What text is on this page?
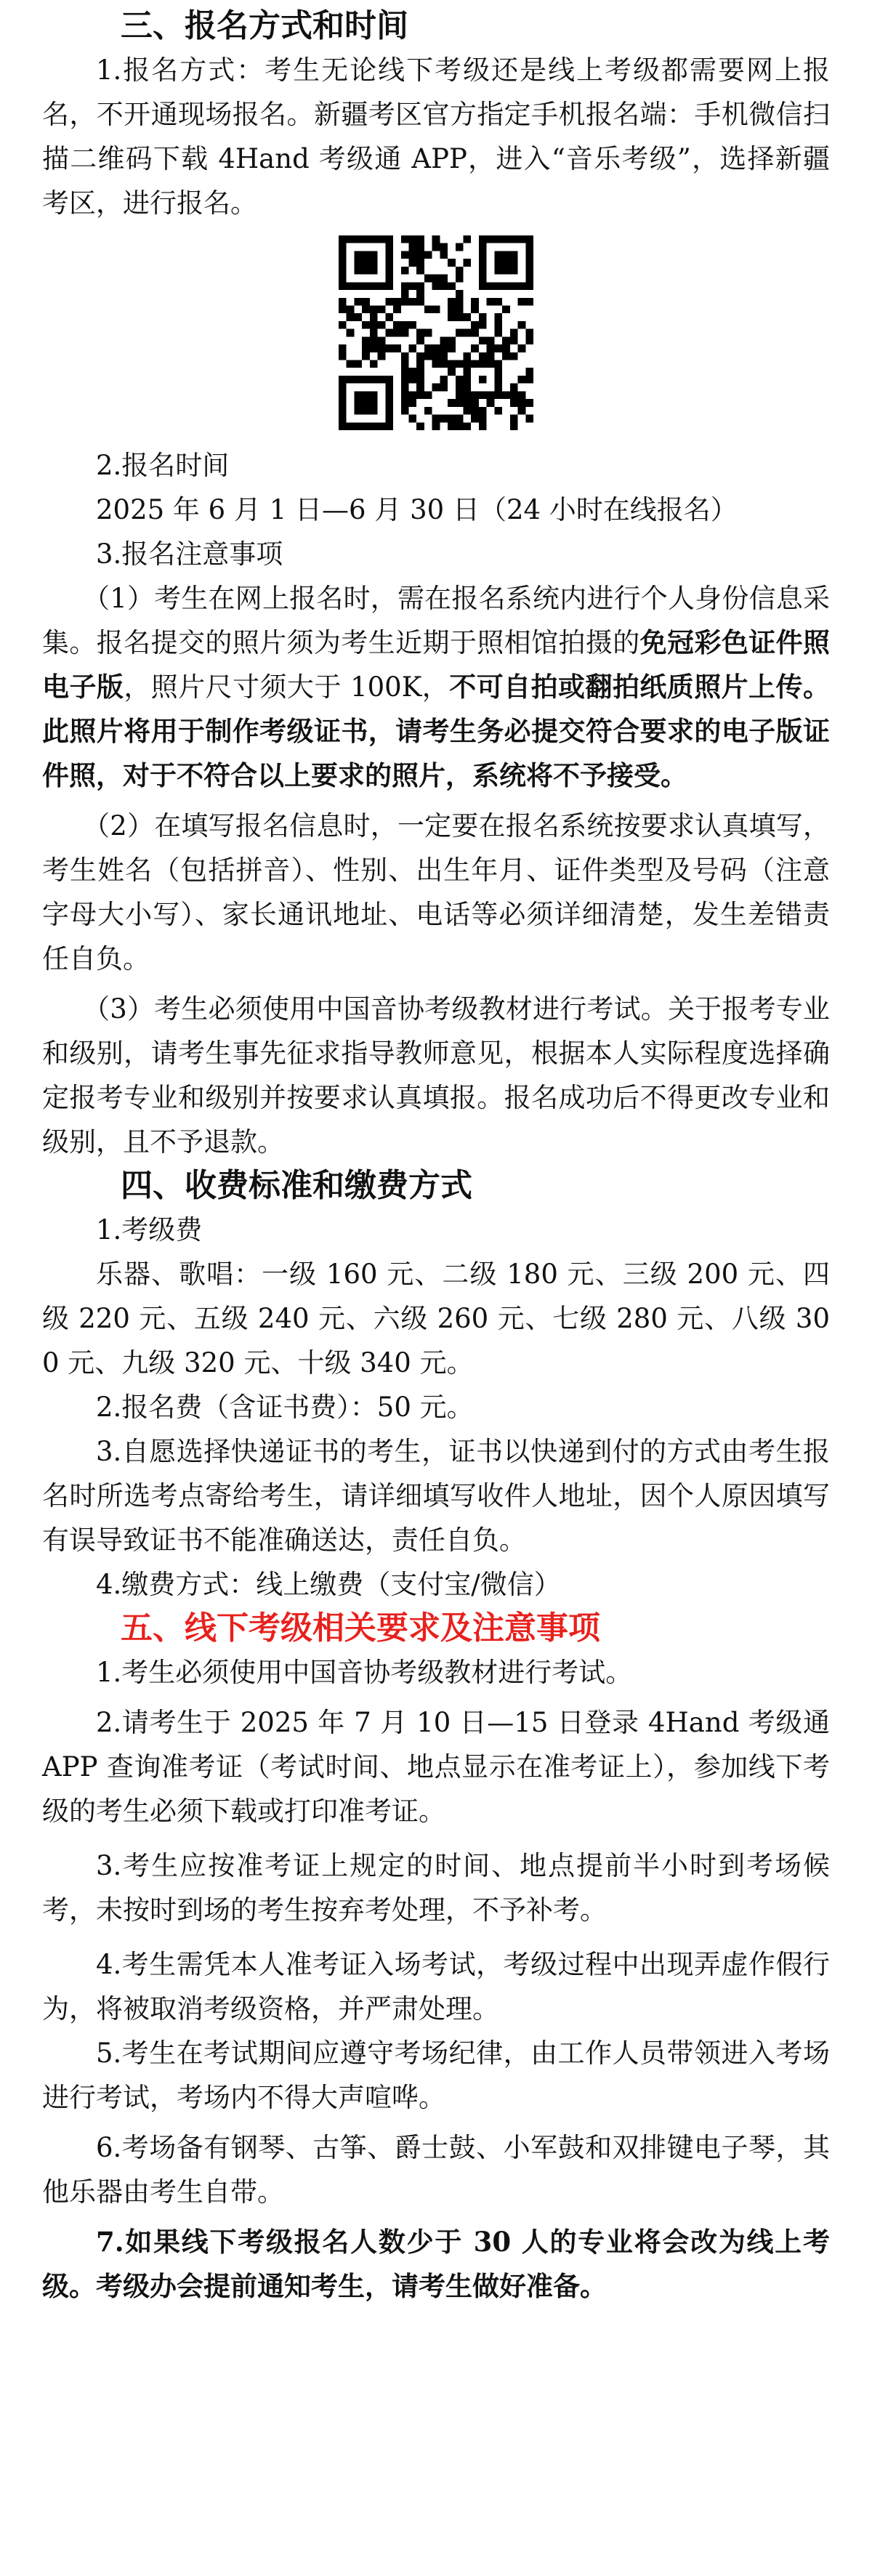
三、报名方式和时间

1.报名方式：考生无论线下考级还是线上考级都需要网上报名，不开通现场报名。新疆考区官方指定手机报名端：手机微信扫描二维码下载 4Hand 考级通 APP，进入“音乐考级”，选择新疆考区，进行报名。

2.报名时间

2025 年 6 月 1 日—6 月 30 日（24 小时在线报名）

3.报名注意事项

（1）考生在网上报名时，需在报名系统内进行个人身份信息采集。报名提交的照片须为考生近期于照相馆拍摄的免冠彩色证件照电子版，照片尺寸须大于 100K，不可自拍或翻拍纸质照片上传。此照片将用于制作考级证书，请考生务必提交符合要求的电子版证件照，对于不符合以上要求的照片，系统将不予接受。

（2）在填写报名信息时，一定要在报名系统按要求认真填写，考生姓名（包括拼音）、性别、出生年月、证件类型及号码（注意字母大小写）、家长通讯地址、电话等必须详细清楚，发生差错责任自负。

（3）考生必须使用中国音协考级教材进行考试。关于报考专业和级别，请考生事先征求指导教师意见，根据本人实际程度选择确定报考专业和级别并按要求认真填报。报名成功后不得更改专业和级别，且不予退款。

四、收费标准和缴费方式

1.考级费

乐器、歌唱：一级 160 元、二级 180 元、三级 200 元、四级 220 元、五级 240 元、六级 260 元、七级 280 元、八级 300 元、九级 320 元、十级 340 元。

2.报名费（含证书费）：50 元。

3.自愿选择快递证书的考生，证书以快递到付的方式由考生报名时所选考点寄给考生，请详细填写收件人地址，因个人原因填写有误导致证书不能准确送达，责任自负。

4.缴费方式：线上缴费（支付宝/微信）

五、线下考级相关要求及注意事项

1.考生必须使用中国音协考级教材进行考试。

2.请考生于 2025 年 7 月 10 日—15 日登录 4Hand 考级通 APP 查询准考证（考试时间、地点显示在准考证上），参加线下考级的考生必须下载或打印准考证。

3.考生应按准考证上规定的时间、地点提前半小时到考场候考，未按时到场的考生按弃考处理，不予补考。

4.考生需凭本人准考证入场考试，考级过程中出现弄虚作假行为，将被取消考级资格，并严肃处理。

5.考生在考试期间应遵守考场纪律，由工作人员带领进入考场进行考试，考场内不得大声喧哗。

6.考场备有钢琴、古筝、爵士鼓、小军鼓和双排键电子琴，其他乐器由考生自带。

7.如果线下考级报名人数少于 30 人的专业将会改为线上考级。考级办会提前通知考生，请考生做好准备。
